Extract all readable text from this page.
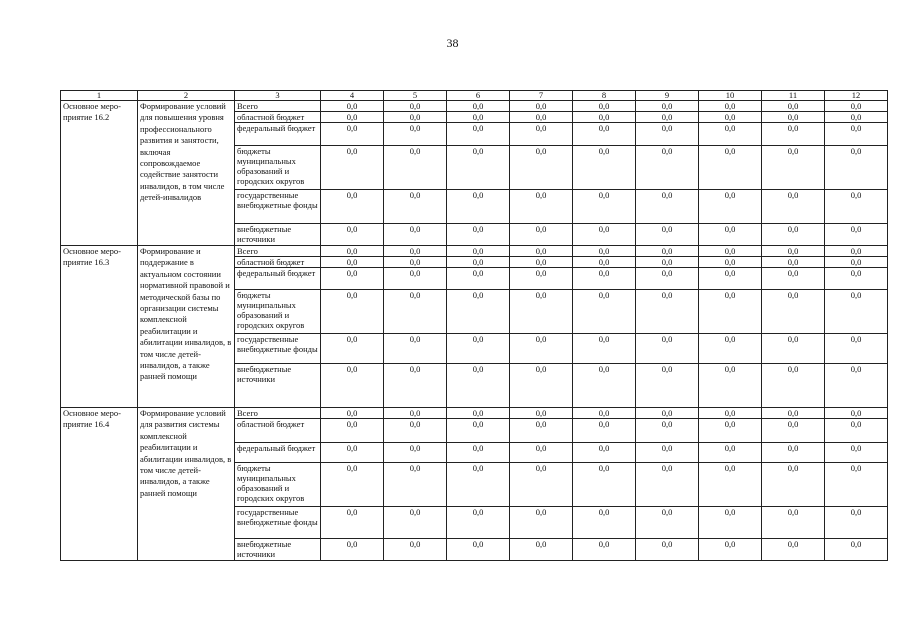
38
1	2	3	4	5	6	7	8	9	10	11	12
Основное меро-приятие 16.2	Формирование условий для повышения уровня профессионального развития и занятости, включая сопровождаемое содействие занятости инвалидов, в том числе детей-инвалидов	Всего	0,0	0,0	0,0	0,0	0,0	0,0	0,0	0,0	0,0
		областной бюджет	0,0	0,0	0,0	0,0	0,0	0,0	0,0	0,0	0,0
		федеральный бюджет	0,0	0,0	0,0	0,0	0,0	0,0	0,0	0,0	0,0
		бюджеты муниципальных образований и городских округов	0,0	0,0	0,0	0,0	0,0	0,0	0,0	0,0	0,0
		государственные внебюджетные фонды	0,0	0,0	0,0	0,0	0,0	0,0	0,0	0,0	0,0
		внебюджетные источники	0,0	0,0	0,0	0,0	0,0	0,0	0,0	0,0	0,0
Основное меро-приятие 16.3	Формирование и поддержание в актуальном состоянии нормативной правовой и методической базы по организации системы комплексной реабилитации и абилитации инвалидов, в том числе детей-инвалидов, а также ранней помощи	Всего	0,0	0,0	0,0	0,0	0,0	0,0	0,0	0,0	0,0
		областной бюджет	0,0	0,0	0,0	0,0	0,0	0,0	0,0	0,0	0,0
		федеральный бюджет	0,0	0,0	0,0	0,0	0,0	0,0	0,0	0,0	0,0
		бюджеты муниципальных образований и городских округов	0,0	0,0	0,0	0,0	0,0	0,0	0,0	0,0	0,0
		государственные внебюджетные фонды	0,0	0,0	0,0	0,0	0,0	0,0	0,0	0,0	0,0
		внебюджетные источники	0,0	0,0	0,0	0,0	0,0	0,0	0,0	0,0	0,0
Основное меро-приятие 16.4	Формирование условий для развития системы комплексной реабилитации и абилитации инвалидов, в том числе детей-инвалидов, а также ранней помощи	Всего	0,0	0,0	0,0	0,0	0,0	0,0	0,0	0,0	0,0
		областной бюджет	0,0	0,0	0,0	0,0	0,0	0,0	0,0	0,0	0,0
		федеральный бюджет	0,0	0,0	0,0	0,0	0,0	0,0	0,0	0,0	0,0
		бюджеты муниципальных образований и городских округов	0,0	0,0	0,0	0,0	0,0	0,0	0,0	0,0	0,0
		государственные внебюджетные фонды	0,0	0,0	0,0	0,0	0,0	0,0	0,0	0,0	0,0
		внебюджетные источники	0,0	0,0	0,0	0,0	0,0	0,0	0,0	0,0	0,0
